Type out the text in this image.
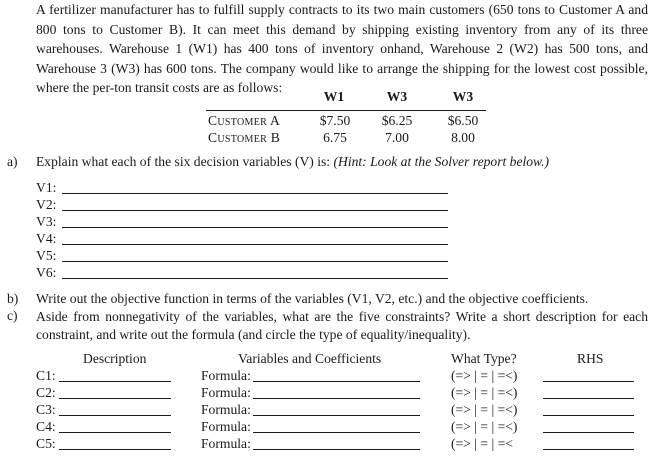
A fertilizer manufacturer has to fulfill supply contracts to its two main customers (650 tons to Customer A and 800 tons to Customer B). It can meet this demand by shipping existing inventory from any of its three warehouses. Warehouse 1 (W1) has 400 tons of inventory onhand, Warehouse 2 (W2) has 500 tons, and Warehouse 3 (W3) has 600 tons. The company would like to arrange the shipping for the lowest cost possible, where the per-ton transit costs are as follows:
W1	W3	W3
Customer A	$7.50	$6.25	$6.50
Customer B	6.75	7.00	8.00
a) Explain what each of the six decision variables (V) is: (Hint: Look at the Solver report below.)
V1:
V2:
V3:
V4:
V5:
V6:
b) Write out the objective function in terms of the variables (V1, V2, etc.) and the objective coefficients.
c) Aside from nonnegativity of the variables, what are the five constraints? Write a short description for each constraint, and write out the formula (and circle the type of equality/inequality).
Description	Variables and Coefficients	What Type?	RHS
C1:	Formula:	(=> | = | =<)
C2:	Formula:	(=> | = | =<)
C3:	Formula:	(=> | = | =<)
C4:	Formula:	(=> | = | =<)
C5:	Formula:	(=> | = | =<
